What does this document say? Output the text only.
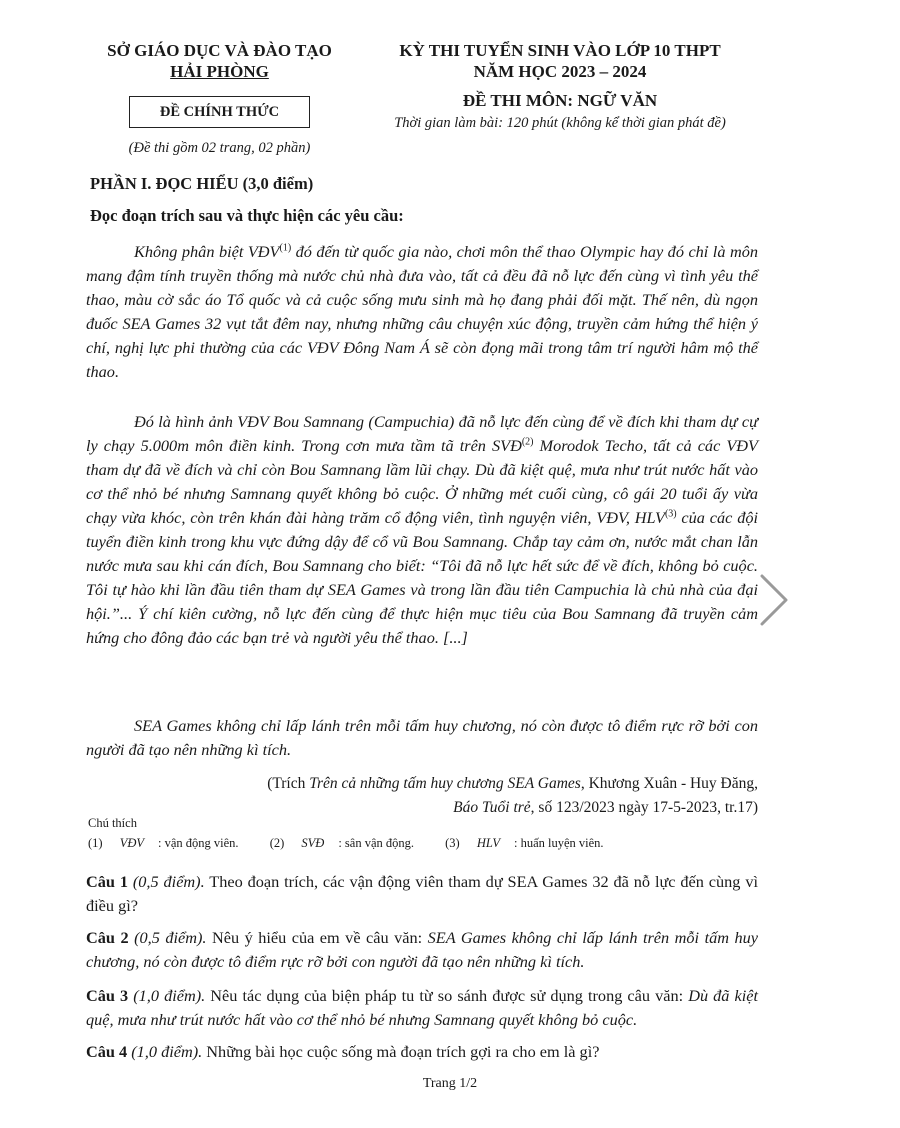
SỞ GIÁO DỤC VÀ ĐÀO TẠO
HẢI PHÒNG
ĐỀ CHÍNH THỨC
(Đề thi gồm 02 trang, 02 phần)
KỲ THI TUYỂN SINH VÀO LỚP 10 THPT
NĂM HỌC 2023 – 2024
ĐỀ THI MÔN: NGỮ VĂN
Thời gian làm bài: 120 phút (không kể thời gian phát đề)
PHẦN I. ĐỌC HIỂU (3,0 điểm)
Đọc đoạn trích sau và thực hiện các yêu cầu:
Không phân biệt VĐV$^{(1)}$ đó đến từ quốc gia nào, chơi môn thể thao Olympic hay đó chỉ là môn mang đậm tính truyền thống mà nước chủ nhà đưa vào, tất cả đều đã nỗ lực đến cùng vì tình yêu thể thao, màu cờ sắc áo Tổ quốc và cả cuộc sống mưu sinh mà họ đang phải đối mặt. Thế nên, dù ngọn đuốc SEA Games 32 vụt tắt đêm nay, nhưng những câu chuyện xúc động, truyền cảm hứng thể hiện ý chí, nghị lực phi thường của các VĐV Đông Nam Á sẽ còn đọng mãi trong tâm trí người hâm mộ thể thao.
Đó là hình ảnh VĐV Bou Samnang (Campuchia) đã nỗ lực đến cùng để về đích khi tham dự cự ly chạy 5.000m môn điền kinh. Trong cơn mưa tầm tã trên SVĐ$^{(2)}$ Morodok Techo, tất cả các VĐV tham dự đã về đích và chỉ còn Bou Samnang lầm lũi chạy. Dù đã kiệt quệ, mưa như trút nước hất vào cơ thể nhỏ bé nhưng Samnang quyết không bỏ cuộc. Ở những mét cuối cùng, cô gái 20 tuổi ấy vừa chạy vừa khóc, còn trên khán đài hàng trăm cổ động viên, tình nguyện viên, VĐV, HLV$^{(3)}$ của các đội tuyển điền kinh trong khu vực đứng dậy để cổ vũ Bou Samnang. Chắp tay cảm ơn, nước mắt chan lẫn nước mưa sau khi cán đích, Bou Samnang cho biết: “Tôi đã nỗ lực hết sức để về đích, không bỏ cuộc. Tôi tự hào khi lần đầu tiên tham dự SEA Games và trong lần đầu tiên Campuchia là chủ nhà của đại hội.”... Ý chí kiên cường, nỗ lực đến cùng để thực hiện mục tiêu của Bou Samnang đã truyền cảm hứng cho đông đảo các bạn trẻ và người yêu thể thao. [...]
SEA Games không chỉ lấp lánh trên mỗi tấm huy chương, nó còn được tô điểm rực rỡ bởi con người đã tạo nên những kì tích.
(Trích Trên cả những tấm huy chương SEA Games, Khương Xuân - Huy Đăng,
Báo Tuổi trẻ, số 123/2023 ngày 17-5-2023, tr.17)
Chú thích
(1) VĐV : vận động viên. (2) SVĐ : sân vận động. (3) HLV : huấn luyện viên.
Câu 1 (0,5 điểm). Theo đoạn trích, các vận động viên tham dự SEA Games 32 đã nỗ lực đến cùng vì điều gì?
Câu 2 (0,5 điểm). Nêu ý hiểu của em về câu văn: SEA Games không chỉ lấp lánh trên mỗi tấm huy chương, nó còn được tô điểm rực rỡ bởi con người đã tạo nên những kì tích.
Câu 3 (1,0 điểm). Nêu tác dụng của biện pháp tu từ so sánh được sử dụng trong câu văn: Dù đã kiệt quệ, mưa như trút nước hất vào cơ thể nhỏ bé nhưng Samnang quyết không bỏ cuộc.
Câu 4 (1,0 điểm). Những bài học cuộc sống mà đoạn trích gợi ra cho em là gì?
Trang 1/2
